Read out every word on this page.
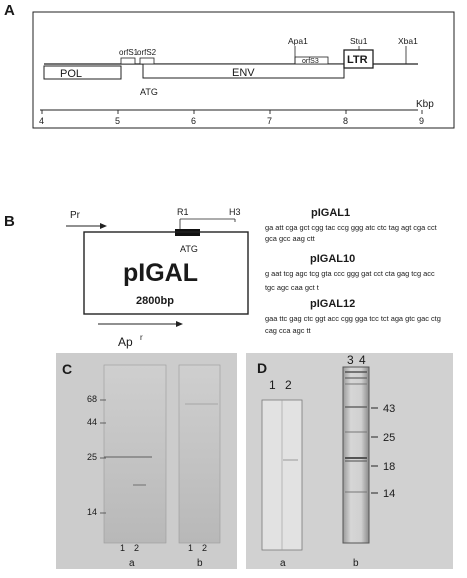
A
POL	ENV
orfS1
orfS2
orfS3	LTR
Apa1	Stu1	Xba1
ATG
4	5	6	7	8	9
Kbp
B	Pr	R1	H3
ATG
pIGAL
2800bp
Ap r
pIGAL1
ga att cga gct cgg tac ccg ggg atc ctc tag agt cga cct
gca gcc aag ctt
pIGAL10
g aat tcg agc tcg gta ccc ggg gat cct cta gag tcg acc
tgc agc caa gct t
pIGAL12
gaa ttc gag ctc ggt acc cgg gga tcc tct aga gtc gac ctg
cag cca agc tt
C
68
44
25
14
1 2	1 2
a	b
D
43
25
18
14
1 2
3 4
a	b
